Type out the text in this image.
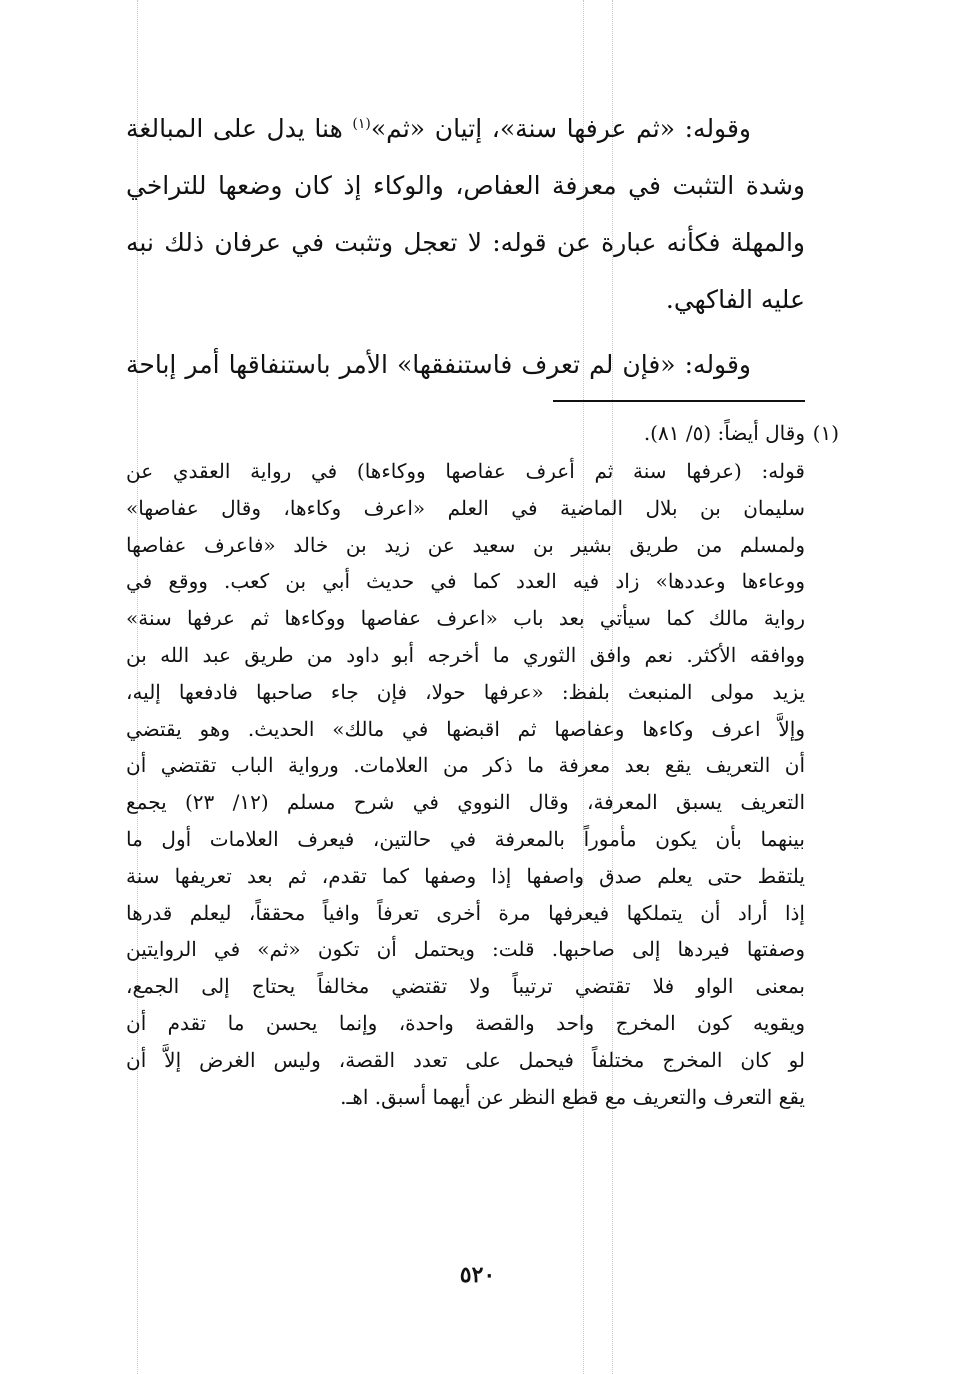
وقوله: «ثم عرفها سنة»، إتيان «ثم»$^{(١)}$ هنا يدل على المبالغة
وشدة التثبت في معرفة العفاص، والوكاء إذ كان وضعها للتراخي
والمهلة فكأنه عبارة عن قوله: لا تعجل وتثبت في عرفان ذلك نبه
عليه الفاكهي.
وقوله: «فإن لم تعرف فاستنفقها» الأمر باستنفاقها أمر إباحة
(١)وقال أيضاً: (٥/ ٨١).
قوله: (عرفها سنة ثم أعرف عفاصها ووكاءها) في رواية العقدي عن
سليمان بن بلال الماضية في العلم «اعرف وكاءها، وقال عفاصها»
ولمسلم من طريق بشير بن سعيد عن زيد بن خالد «فاعرف عفاصها
ووعاءها وعددها» زاد فيه العدد كما في حديث أبي بن كعب. ووقع في
رواية مالك كما سيأتي بعد باب «اعرف عفاصها ووكاءها ثم عرفها سنة»
ووافقه الأكثر. نعم وافق الثوري ما أخرجه أبو داود من طريق عبد الله بن
يزيد مولى المنبعث بلفظ: «عرفها حولا، فإن جاء صاحبها فادفعها إليه،
وإلاَّ اعرف وكاءها وعفاصها ثم اقبضها في مالك» الحديث. وهو يقتضي
أن التعريف يقع بعد معرفة ما ذكر من العلامات. ورواية الباب تقتضي أن
التعريف يسبق المعرفة، وقال النووي في شرح مسلم (١٢/ ٢٣) يجمع
بينهما بأن يكون مأموراً بالمعرفة في حالتين، فيعرف العلامات أول ما
يلتقط حتى يعلم صدق واصفها إذا وصفها كما تقدم، ثم بعد تعريفها سنة
إذا أراد أن يتملكها فيعرفها مرة أخرى تعرفاً وافياً محققاً، ليعلم قدرها
وصفتها فيردها إلى صاحبها. قلت: ويحتمل أن تكون «ثم» في الروايتين
بمعنى الواو فلا تقتضي ترتيباً ولا تقتضي مخالفاً يحتاج إلى الجمع،
ويقويه كون المخرج واحد والقصة واحدة، وإنما يحسن ما تقدم أن
لو كان المخرج مختلفاً فيحمل على تعدد القصة، وليس الغرض إلاَّ أن
يقع التعرف والتعريف مع قطع النظر عن أيهما أسبق. اهـ.
٥٢٠
